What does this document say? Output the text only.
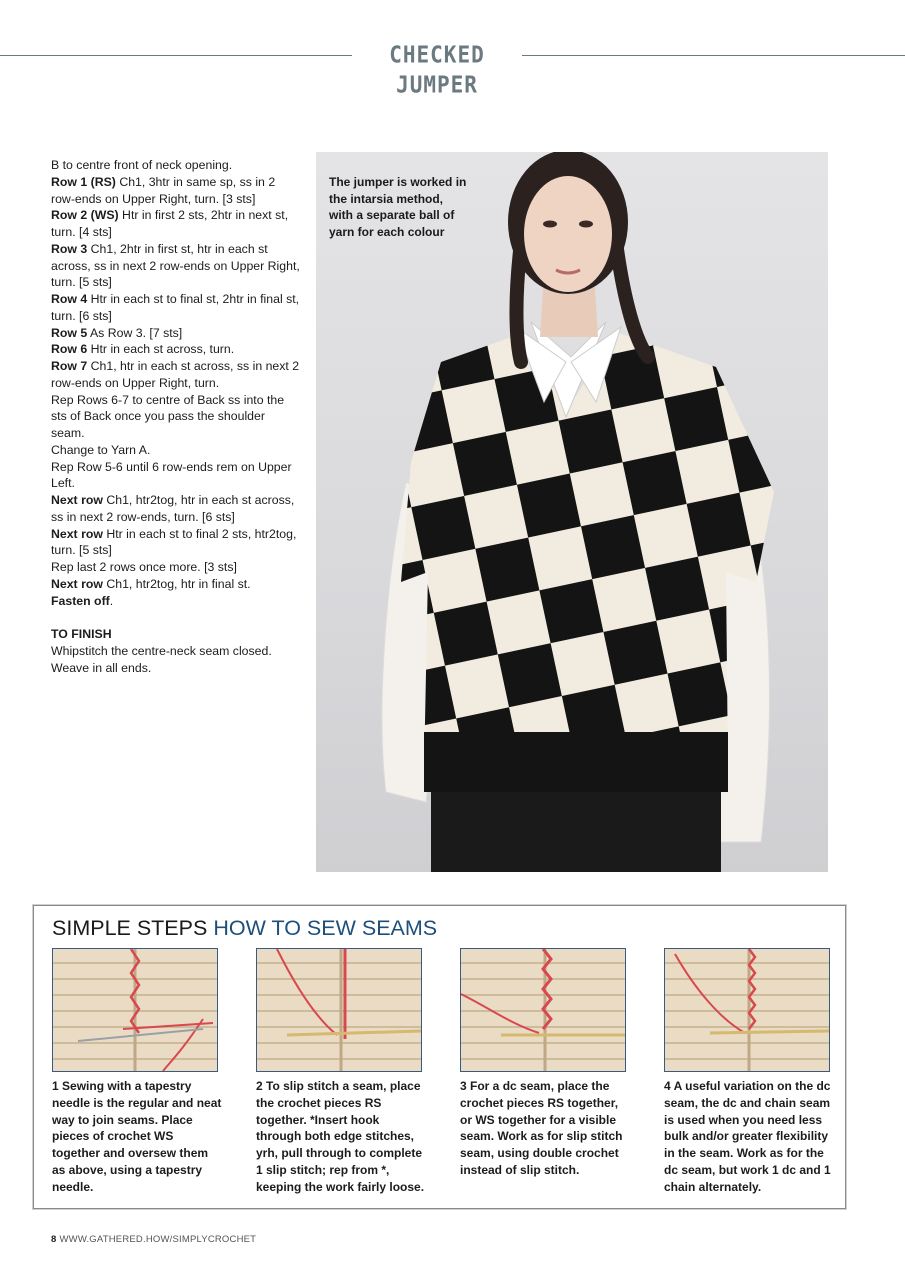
CHECKED JUMPER
B to centre front of neck opening.
Row 1 (RS) Ch1, 3htr in same sp, ss in 2 row-ends on Upper Right, turn. [3 sts]
Row 2 (WS) Htr in first 2 sts, 2htr in next st, turn. [4 sts]
Row 3 Ch1, 2htr in first st, htr in each st across, ss in next 2 row-ends on Upper Right, turn. [5 sts]
Row 4 Htr in each st to final st, 2htr in final st, turn. [6 sts]
Row 5 As Row 3. [7 sts]
Row 6 Htr in each st across, turn.
Row 7 Ch1, htr in each st across, ss in next 2 row-ends on Upper Right, turn.
Rep Rows 6-7 to centre of Back ss into the sts of Back once you pass the shoulder seam.
Change to Yarn A.
Rep Row 5-6 until 6 row-ends rem on Upper Left.
Next row Ch1, htr2tog, htr in each st across, ss in next 2 row-ends, turn. [6 sts]
Next row Htr in each st to final 2 sts, htr2tog, turn. [5 sts]
Rep last 2 rows once more. [3 sts]
Next row Ch1, htr2tog, htr in final st.
Fasten off.
TO FINISH
Whipstitch the centre-neck seam closed.
Weave in all ends.
The jumper is worked in the intarsia method, with a separate ball of yarn for each colour
SIMPLE STEPS HOW TO SEW SEAMS
1 Sewing with a tapestry needle is the regular and neat way to join seams. Place pieces of crochet WS together and oversew them as above, using a tapestry needle.
2 To slip stitch a seam, place the crochet pieces RS together. *Insert hook through both edge stitches, yrh, pull through to complete 1 slip stitch; rep from *, keeping the work fairly loose.
3 For a dc seam, place the crochet pieces RS together, or WS together for a visible seam. Work as for slip stitch seam, using double crochet instead of slip stitch.
4 A useful variation on the dc seam, the dc and chain seam is used when you need less bulk and/or greater flexibility in the seam. Work as for the dc seam, but work 1 dc and 1 chain alternately.
8 WWW.GATHERED.HOW/SIMPLYCROCHET
